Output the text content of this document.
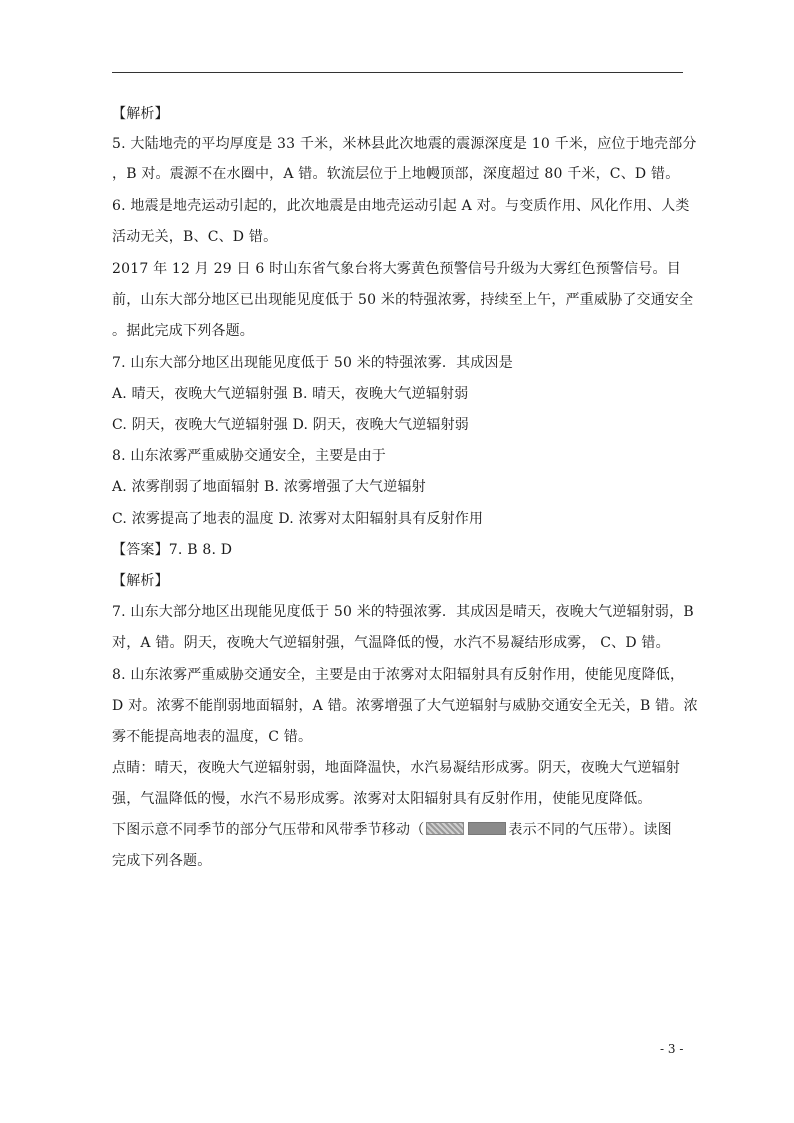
【解析】
5. 大陆地壳的平均厚度是 33 千米，米林县此次地震的震源深度是 10 千米，应位于地壳部分
，B 对。震源不在水圈中，A 错。软流层位于上地幔顶部，深度超过 80 千米，C、D 错。
6. 地震是地壳运动引起的，此次地震是由地壳运动引起 A 对。与变质作用、风化作用、人类
活动无关，B、C、D 错。
2017 年 12 月 29 日 6 时山东省气象台将大雾黄色预警信号升级为大雾红色预警信号。目
前，山东大部分地区已出现能见度低于 50 米的特强浓雾，持续至上午，严重威胁了交通安全
。据此完成下列各题。
7. 山东大部分地区出现能见度低于 50 米的特强浓雾．其成因是
A. 晴天，夜晚大气逆辐射强 B. 晴天，夜晚大气逆辐射弱
C. 阴天，夜晚大气逆辐射强 D. 阴天，夜晚大气逆辐射弱
8. 山东浓雾严重威胁交通安全，主要是由于
A. 浓雾削弱了地面辐射 B. 浓雾增强了大气逆辐射
C. 浓雾提高了地表的温度 D. 浓雾对太阳辐射具有反射作用
【答案】7. B 8. D
【解析】
7. 山东大部分地区出现能见度低于 50 米的特强浓雾．其成因是晴天，夜晚大气逆辐射弱，B
对，A 错。阴天，夜晚大气逆辐射强，气温降低的慢，水汽不易凝结形成雾， C、D 错。
8. 山东浓雾严重威胁交通安全，主要是由于浓雾对太阳辐射具有反射作用，使能见度降低，
D 对。浓雾不能削弱地面辐射，A 错。浓雾增强了大气逆辐射与威胁交通安全无关，B 错。浓
雾不能提高地表的温度，C 错。
点睛：晴天，夜晚大气逆辐射弱，地面降温快，水汽易凝结形成雾。阴天，夜晚大气逆辐射
强，气温降低的慢，水汽不易形成雾。浓雾对太阳辐射具有反射作用，使能见度降低。
下图示意不同季节的部分气压带和风带季节移动（	表示不同的气压带）。读图
完成下列各题。
- 3 -
